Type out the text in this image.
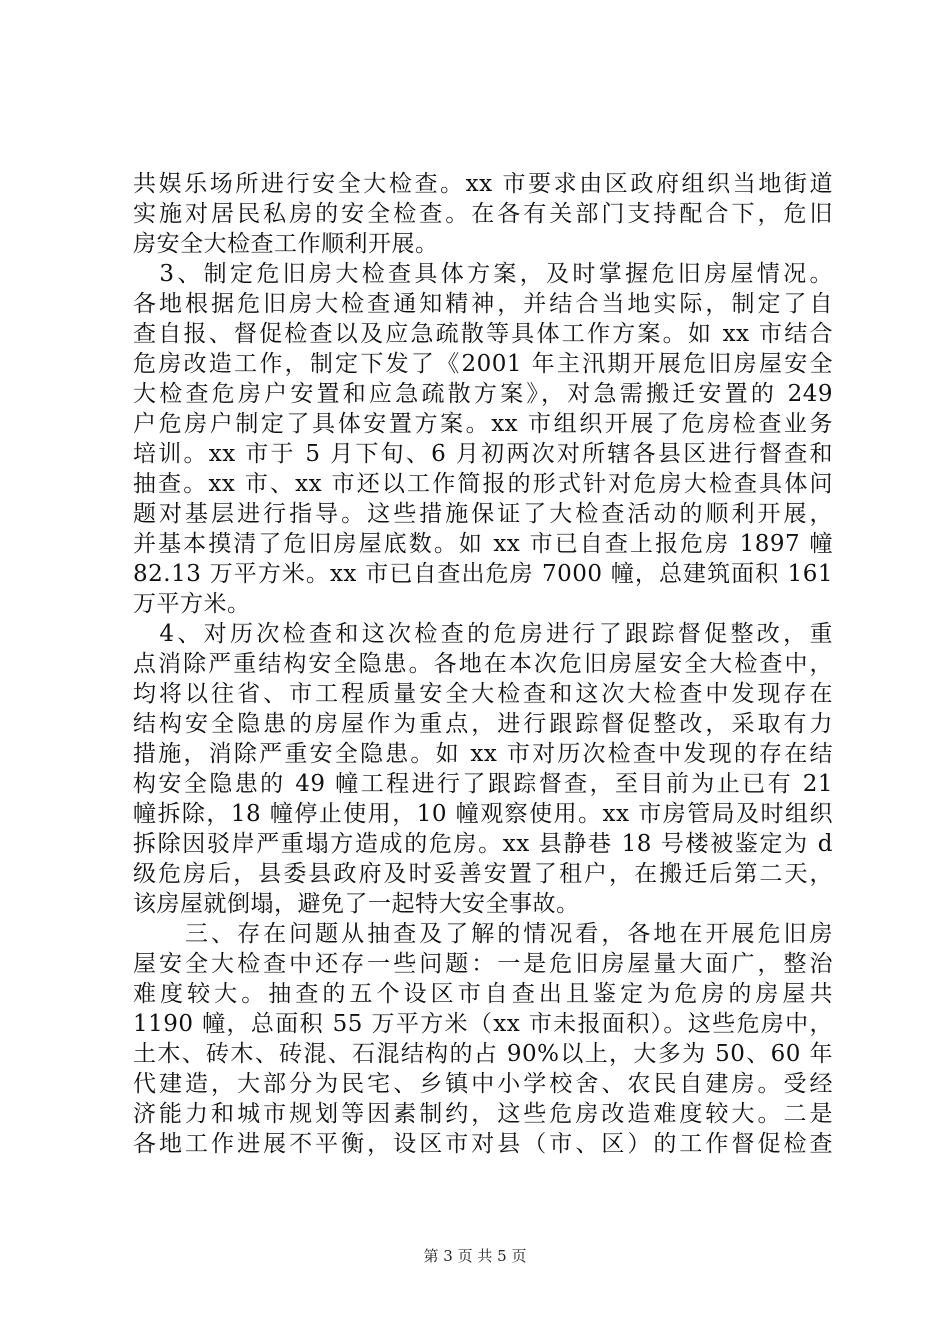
共娱乐场所进行安全大检查。xx 市要求由区政府组织当地街道
实施对居民私房的安全检查。在各有关部门支持配合下，危旧
房安全大检查工作顺利开展。
　3、制定危旧房大检查具体方案，及时掌握危旧房屋情况。
各地根据危旧房大检查通知精神，并结合当地实际，制定了自
查自报、督促检查以及应急疏散等具体工作方案。如 xx 市结合
危房改造工作，制定下发了《2001 年主汛期开展危旧房屋安全
大检查危房户安置和应急疏散方案》，对急需搬迁安置的 249
户危房户制定了具体安置方案。xx 市组织开展了危房检查业务
培训。xx 市于 5 月下旬、6 月初两次对所辖各县区进行督查和
抽查。xx 市、xx 市还以工作简报的形式针对危房大检查具体问
题对基层进行指导。这些措施保证了大检查活动的顺利开展，
并基本摸清了危旧房屋底数。如 xx 市已自查上报危房 1897 幢
82.13 万平方米。xx 市已自查出危房 7000 幢，总建筑面积 161
万平方米。
　4、对历次检查和这次检查的危房进行了跟踪督促整改，重
点消除严重结构安全隐患。各地在本次危旧房屋安全大检查中，
均将以往省、市工程质量安全大检查和这次大检查中发现存在
结构安全隐患的房屋作为重点，进行跟踪督促整改，采取有力
措施，消除严重安全隐患。如 xx 市对历次检查中发现的存在结
构安全隐患的 49 幢工程进行了跟踪督查，至目前为止已有 21
幢拆除，18 幢停止使用，10 幢观察使用。xx 市房管局及时组织
拆除因驳岸严重塌方造成的危房。xx 县静巷 18 号楼被鉴定为 d
级危房后，县委县政府及时妥善安置了租户，在搬迁后第二天，
该房屋就倒塌，避免了一起特大安全事故。
　　三、存在问题从抽查及了解的情况看，各地在开展危旧房
屋安全大检查中还存一些问题：一是危旧房屋量大面广，整治
难度较大。抽查的五个设区市自查出且鉴定为危房的房屋共
1190 幢，总面积 55 万平方米（xx 市未报面积）。这些危房中，
土木、砖木、砖混、石混结构的占 90%以上，大多为 50、60 年
代建造，大部分为民宅、乡镇中小学校舍、农民自建房。受经
济能力和城市规划等因素制约，这些危房改造难度较大。二是
各地工作进展不平衡，设区市对县（市、区）的工作督促检查
第 3 页 共 5 页
